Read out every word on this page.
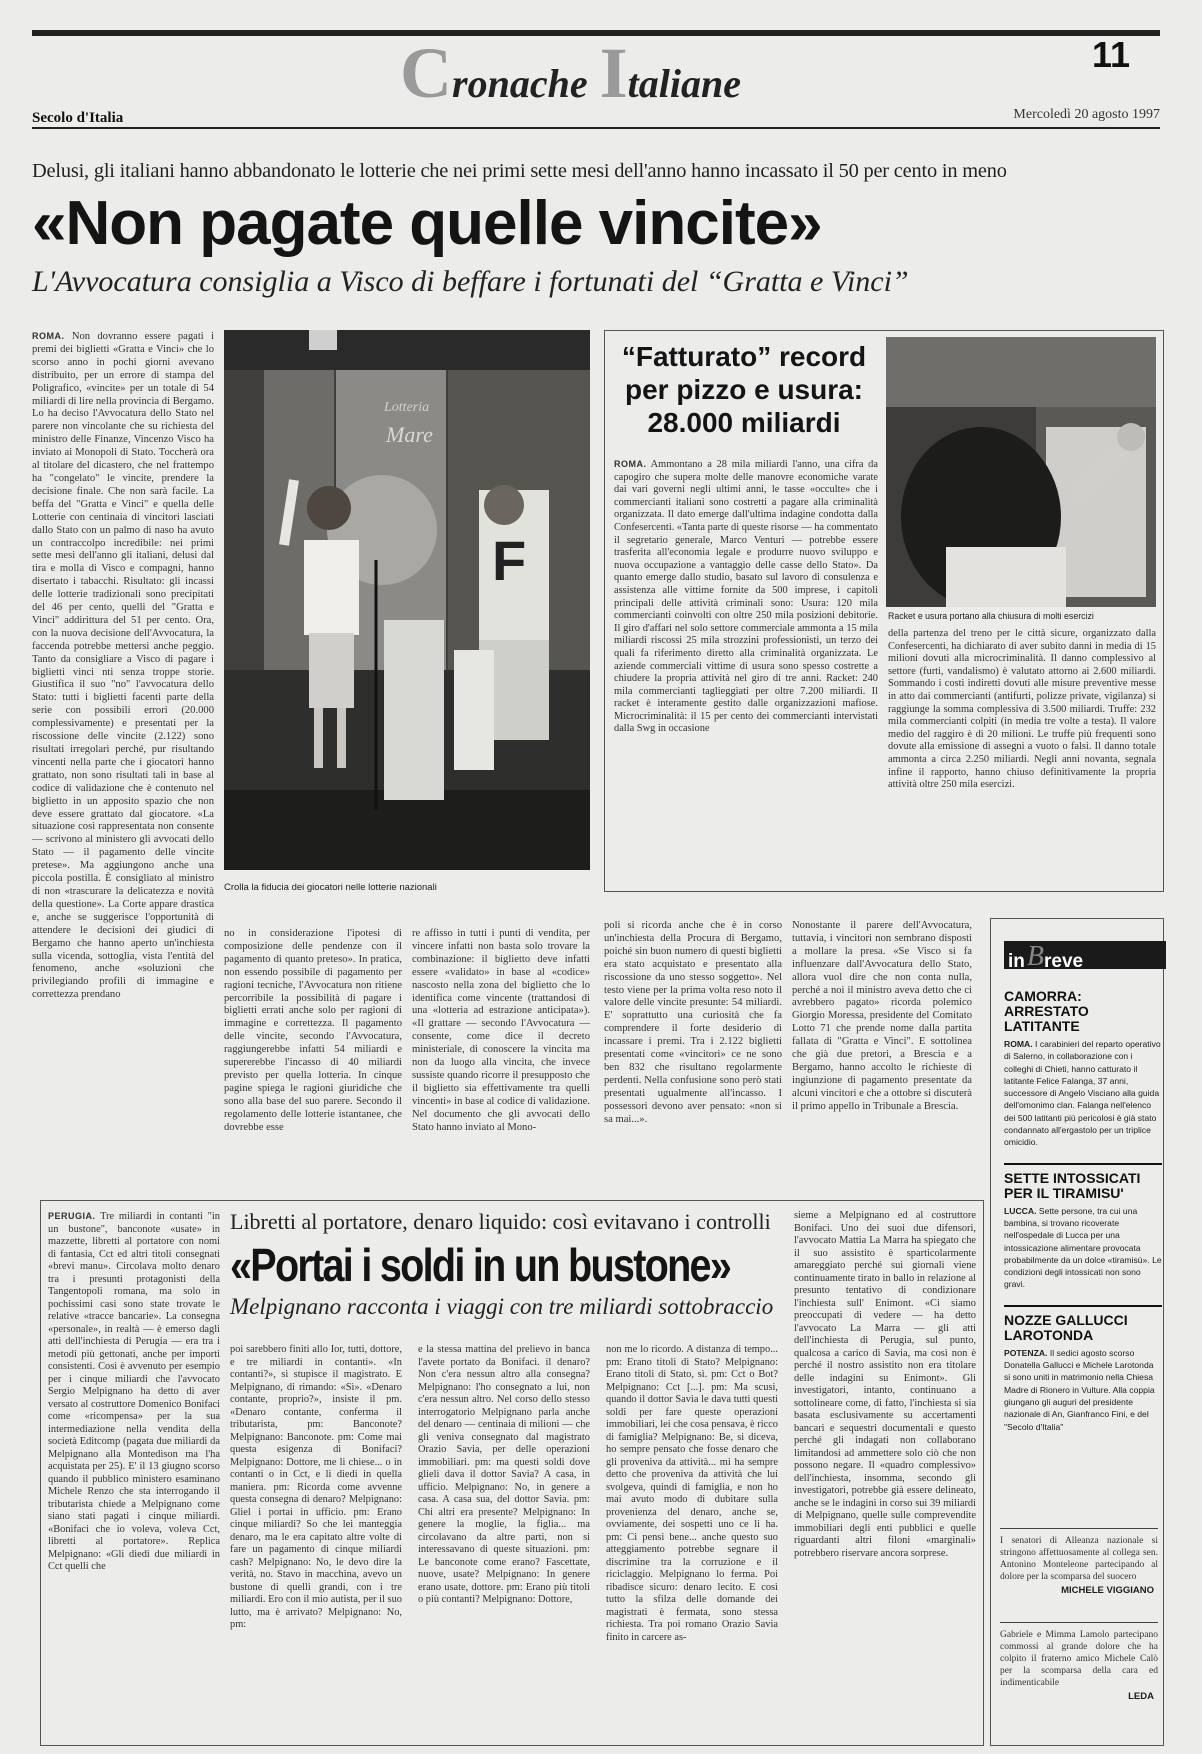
Cronache Italiane
11
Secolo d'Italia	Mercoledì 20 agosto 1997
Delusi, gli italiani hanno abbandonato le lotterie che nei primi sette mesi dell'anno hanno incassato il 50 per cento in meno
«Non pagate quelle vincite»
L'Avvocatura consiglia a Visco di beffare i fortunati del “Gratta e Vinci”

ROMA. Non dovranno essere pagati i premi dei biglietti «Gratta e Vinci» che lo scorso anno in pochi giorni avevano distribuito, per un errore di stampa del Poligrafico, «vincite» per un totale di 54 miliardi di lire nella provincia di Bergamo. Lo ha deciso l'Avvocatura dello Stato nel parere non vincolante che su richiesta del ministro delle Finanze, Vincenzo Visco ha inviato ai Monopoli di Stato. Toccherà ora al titolare del dicastero, che nel frattempo ha "congelato" le vincite, prendere la decisione finale. Che non sarà facile. La beffa del "Gratta e Vinci" e quella delle Lotterie con centinaia di vincitori lasciati dallo Stato con un palmo di naso ha avuto un contraccolpo incredibile: nei primi sette mesi dell'anno gli italiani, delusi dal tira e molla di Visco e compagni, hanno disertato i tabacchi. Risultato: gli incassi delle lotterie tradizionali sono precipitati del 46 per cento, quelli del "Gratta e Vinci" addirittura del 51 per cento. Ora, con la nuova decisione dell'Avvocatura, la faccenda potrebbe mettersi anche peggio. Tanto da consigliare a Visco di pagare i biglietti vinci nti senza troppe storie. Giustifica il suo "no" l'avvocatura dello Stato: tutti i biglietti facenti parte della serie con possibili errori (20.000 complessivamente) e presentati per la riscossione delle vincite (2.122) sono risultati irregolari perché, pur risultando vincenti nella parte che i giocatori hanno grattato, non sono risultati tali in base al codice di validazione che è contenuto nel biglietto in un apposito spazio che non deve essere grattato dal giocatore. «La situazione così rappresentata non consente — scrivono al ministero gli avvocati dello Stato — il pagamento delle vincite pretese». Ma aggiungono anche una piccola postilla. È consigliato al ministro di non «trascurare la delicatezza e novità della questione». La Corte appare drastica e, anche se suggerisce l'opportunità di attendere le decisioni dei giudici di Bergamo che hanno aperto un'inchiesta sulla vicenda, sottoglia, vista l'entità del fenomeno, anche «soluzioni che privilegiando profili di immagine e correttezza prendano

Lotteria
Mare
F
Crolla la fiducia dei giocatori nelle lotterie nazionali
“Fatturato” record
per pizzo e usura:
28.000 miliardi
Racket e usura portano alla chiusura di molti esercizi

ROMA. Ammontano a 28 mila miliardi l'anno, una cifra da capogiro che supera molte delle manovre economiche varate dai vari governi negli ultimi anni, le tasse «occulte» che i commercianti italiani sono costretti a pagare alla criminalità organizzata. Il dato emerge dall'ultima indagine condotta dalla Confesercenti. «Tanta parte di queste risorse — ha commentato il segretario generale, Marco Venturi — potrebbe essere trasferita all'economia legale e produrre nuovo sviluppo e nuova occupazione a vantaggio delle casse dello Stato». Da quanto emerge dallo studio, basato sul lavoro di consulenza e assistenza alle vittime fornite da 500 imprese, i capitoli principali delle attività criminali sono: Usura: 120 mila commercianti coinvolti con oltre 250 mila posizioni debitorie. Il giro d'affari nel solo settore commerciale ammonta a 15 mila miliardi riscossi 25 mila strozzini professionisti, un terzo dei quali fa riferimento diretto alla criminalità organizzata. Le aziende commerciali vittime di usura sono spesso costrette a chiudere la propria attività nel giro di tre anni. Racket: 240 mila commercianti taglieggiati per oltre 7.200 miliardi. Il racket è interamente gestito dalle organizzazioni mafiose. Microcriminalità: il 15 per cento dei commercianti intervistati dalla Swg in occasione

della partenza del treno per le città sicure, organizzato dalla Confesercenti, ha dichiarato di aver subito danni in media di 15 milioni dovuti alla microcriminalità. Il danno complessivo al settore (furti, vandalismo) è valutato attorno ai 2.600 miliardi. Sommando i costi indiretti dovuti alle misure preventive messe in atto dai commercianti (antifurti, polizze private, vigilanza) si raggiunge la somma complessiva di 3.500 miliardi. Truffe: 232 mila commercianti colpiti (in media tre volte a testa). Il valore medio del raggiro è di 20 milioni. Le truffe più frequenti sono dovute alla emissione di assegni a vuoto o falsi. Il danno totale ammonta a circa 2.250 miliardi. Negli anni novanta, segnala infine il rapporto, hanno chiuso definitivamente la propria attività oltre 250 mila esercizi.

no in considerazione l'ipotesi di composizione delle pendenze con il pagamento di quanto preteso». In pratica, non essendo possibile di pagamento per ragioni tecniche, l'Avvocatura non ritiene percorribile la possibilità di pagare i biglietti errati anche solo per ragioni di immagine e correttezza. Il pagamento delle vincite, secondo l'Avvocatura, raggiungerebbe infatti 54 miliardi e supererebbe l'incasso di 40 miliardi previsto per quella lotteria. In cinque pagine spiega le ragioni giuridiche che sono alla base del suo parere. Secondo il regolamento delle lotterie istantanee, che dovrebbe esse

re affisso in tutti i punti di vendita, per vincere infatti non basta solo trovare la combinazione: il biglietto deve infatti essere «validato» in base al «codice» nascosto nella zona del biglietto che lo identifica come vincente (trattandosi di una «lotteria ad estrazione anticipata»). «Il grattare — secondo l'Avvocatura — consente, come dice il decreto ministeriale, di conoscere la vincita ma non da luogo alla vincita, che invece sussiste quando ricorre il presupposto che il biglietto sia effettivamente tra quelli vincenti» in base al codice di validazione. Nel documento che gli avvocati dello Stato hanno inviato al Mono-

poli si ricorda anche che è in corso un'inchiesta della Procura di Bergamo, poiché sin buon numero di questi biglietti era stato acquistato e presentato alla riscossione da uno stesso soggetto». Nel testo viene per la prima volta reso noto il valore delle vincite presunte: 54 miliardi. E' soprattutto una curiosità che fa comprendere il forte desiderio di incassare i premi. Tra i 2.122 biglietti presentati come «vincitori» ce ne sono ben 832 che risultano regolarmente perdenti. Nella confusione sono però stati presentati ugualmente all'incasso. I possessori devono aver pensato: «non si sa mai...».

Nonostante il parere dell'Avvocatura, tuttavia, i vincitori non sembrano disposti a mollare la presa. «Se Visco si fa influenzare dall'Avvocatura dello Stato, allora vuol dire che non conta nulla, perché a noi il ministro aveva detto che ci avrebbero pagato» ricorda polemico Giorgio Moressa, presidente del Comitato Lotto 71 che prende nome dalla partita fallata di "Gratta e Vinci". E sottolinea che già due pretori, a Brescia e a Bergamo, hanno accolto le richieste di ingiunzione di pagamento presentate da alcuni vincitori e che a ottobre si discuterà il primo appello in Tribunale a Brescia.

inBreve

CAMORRA: ARRESTATO LATITANTE

ROMA. I carabinieri del reparto operativo di Salerno, in collaborazione con i colleghi di Chieti, hanno catturato il latitante Felice Falanga, 37 anni, successore di Angelo Visciano alla guida dell'omonimo clan. Falanga nell'elenco dei 500 latitanti più pericolosi è già stato condannato all'ergastolo per un triplice omicidio.

SETTE INTOSSICATI PER IL TIRAMISU'

LUCCA. Sette persone, tra cui una bambina, si trovano ricoverate nell'ospedale di Lucca per una intossicazione alimentare provocata probabilmente da un dolce «tiramisù». Le condizioni degli intossicati non sono gravi.

NOZZE GALLUCCI LAROTONDA

POTENZA. Il sedici agosto scorso Donatella Gallucci e Michele Larotonda si sono uniti in matrimonio nella Chiesa Madre di Rionero in Vulture. Alla coppia giungano gli auguri del presidente nazionale di An, Gianfranco Fini, e del "Secolo d'Italia"

I senatori di Alleanza nazionale si stringono affettuosamente al collega sen. Antonino Monteleone partecipando al dolore per la scomparsa del suocero

MICHELE VIGGIANO

Gabriele e Mimma Lamolo partecipano commossi al grande dolore che ha colpito il fraterno amico Michele Calò per la scomparsa della cara ed indimenticabile

LEDA

Libretti al portatore, denaro liquido: così evitavano i controlli
«Portai i soldi in un bustone»
Melpignano racconta i viaggi con tre miliardi sottobraccio

PERUGIA. Tre miliardi in contanti "in un bustone", banconote «usate» in mazzette, libretti al portatore con nomi di fantasia, Cct ed altri titoli consegnati «brevi manu». Circolava molto denaro tra i presunti protagonisti della Tangentopoli romana, ma solo in pochissimi casi sono state trovate le relative «tracce bancarie». La consegna «personale», in realtà — è emerso dagli atti dell'inchiesta di Perugia — era tra i metodi più gettonati, anche per importi consistenti. Così è avvenuto per esempio per i cinque miliardi che l'avvocato Sergio Melpignano ha detto di aver versato al costruttore Domenico Bonifaci come «ricompensa» per la sua intermediazione nella vendita della società Editcomp (pagata due miliardi da Melpignano alla Montedison ma l'ha acquistata per 25). E' il 13 giugno scorso quando il pubblico ministero esaminano Michele Renzo che sta interrogando il tributarista chiede a Melpignano come siano stati pagati i cinque miliardi. «Bonifaci che io voleva, voleva Cct, libretti al portatore». Replica Melpignano: «Gli diedi due miliardi in Cct quelli che

poi sarebbero finiti allo Ior, tutti, dottore, e tre miliardi in contanti». «In contanti?», si stupisce il magistrato. E Melpignano, di rimando: «Sì». «Denaro contante, proprio?», insiste il pm. «Denaro contante, conferma il tributarista, pm: Banconote? Melpignano: Banconote. pm: Come mai questa esigenza di Bonifaci? Melpignano: Dottore, me li chiese... o in contanti o in Cct, e li diedi in quella maniera. pm: Ricorda come avvenne questa consegna di denaro? Melpignano: Gliel i portai in ufficio. pm: Erano cinque miliardi? So che lei manteggia denaro, ma le era capitato altre volte di fare un pagamento di cinque miliardi cash? Melpignano: No, le devo dire la verità, no. Stavo in macchina, avevo un bustone di quelli grandi, con i tre miliardi. Ero con il mio autista, per il suo lutto, ma è arrivato? Melpignano: No, pm:

e la stessa mattina del prelievo in banca l'avete portato da Bonifaci. il denaro? Non c'era nessun altro alla consegna? Melpignano: l'ho consegnato a lui, non c'era nessun altro. Nel corso dello stesso interrogatorio Melpignano parla anche del denaro — centinaia di milioni — che gli veniva consegnato dal magistrato Orazio Savia, per delle operazioni immobiliari. pm: ma questi soldi dove glieli dava il dottor Savia? A casa, in ufficio. Melpignano: No, in genere a casa. A casa sua, del dottor Savia. pm: Chi altri era presente? Melpignano: In genere la moglie, la figlia... ma circolavano da altre parti, non si interessavano di queste situazioni. pm: Le banconote come erano? Fascettate, nuove, usate? Melpignano: In genere erano usate, dottore. pm: Erano più titoli o più contanti? Melpignano: Dottore,

non me lo ricordo. A distanza di tempo... pm: Erano titoli di Stato? Melpignano: Erano titoli di Stato, sì. pm: Cct o Bot? Melpignano: Cct [...]. pm: Ma scusi, quando il dottor Savia le dava tutti questi soldi per fare queste operazioni immobiliari, lei che cosa pensava, è ricco di famiglia? Melpignano: Be, si diceva, ho sempre pensato che fosse denaro che gli proveniva da attività... mi ha sempre detto che proveniva da attività che lui svolgeva, quindi di famiglia, e non ho mai avuto modo di dubitare sulla provenienza del denaro, anche se, ovviamente, dei sospetti uno ce li ha. pm: Ci pensi bene... anche questo suo atteggiamento potrebbe segnare il discrimine tra la corruzione e il riciclaggio. Melpignano lo ferma. Poi ribadisce sicuro: denaro lecito. E così tutto la sfilza delle domande dei magistrati è fermata, sono stessa richiesta. Tra poi romano Orazio Savia finito in carcere as-

sieme a Melpignano ed al costruttore Bonifaci. Uno dei suoi due difensori, l'avvocato Mattia La Marra ha spiegato che il suo assistito è sparticolarmente amareggiato perché sui giornali viene continuamente tirato in ballo in relazione al presunto tentativo di condizionare l'inchiesta sull' Enimont. «Ci siamo preoccupati di vedere — ha detto l'avvocato La Marra — gli atti dell'inchiesta di Perugia, sul punto, qualcosa a carico di Savia, ma così non è perché il nostro assistito non era titolare delle indagini su Enimont». Gli investigatori, intanto, continuano a sottolineare come, di fatto, l'inchiesta si sia basata esclusivamente su accertamenti bancari e sequestri documentali e questo perché gli indagati non collaborano limitandosi ad ammettere solo ciò che non possono negare. Il «quadro complessivo» dell'inchiesta, insomma, secondo gli investigatori, potrebbe già essere delineato, anche se le indagini in corso sui 39 miliardi di Melpignano, quelle sulle comprevendite immobiliari degli enti pubblici e quelle riguardanti altri filoni «marginali» potrebbero riservare ancora sorprese.
